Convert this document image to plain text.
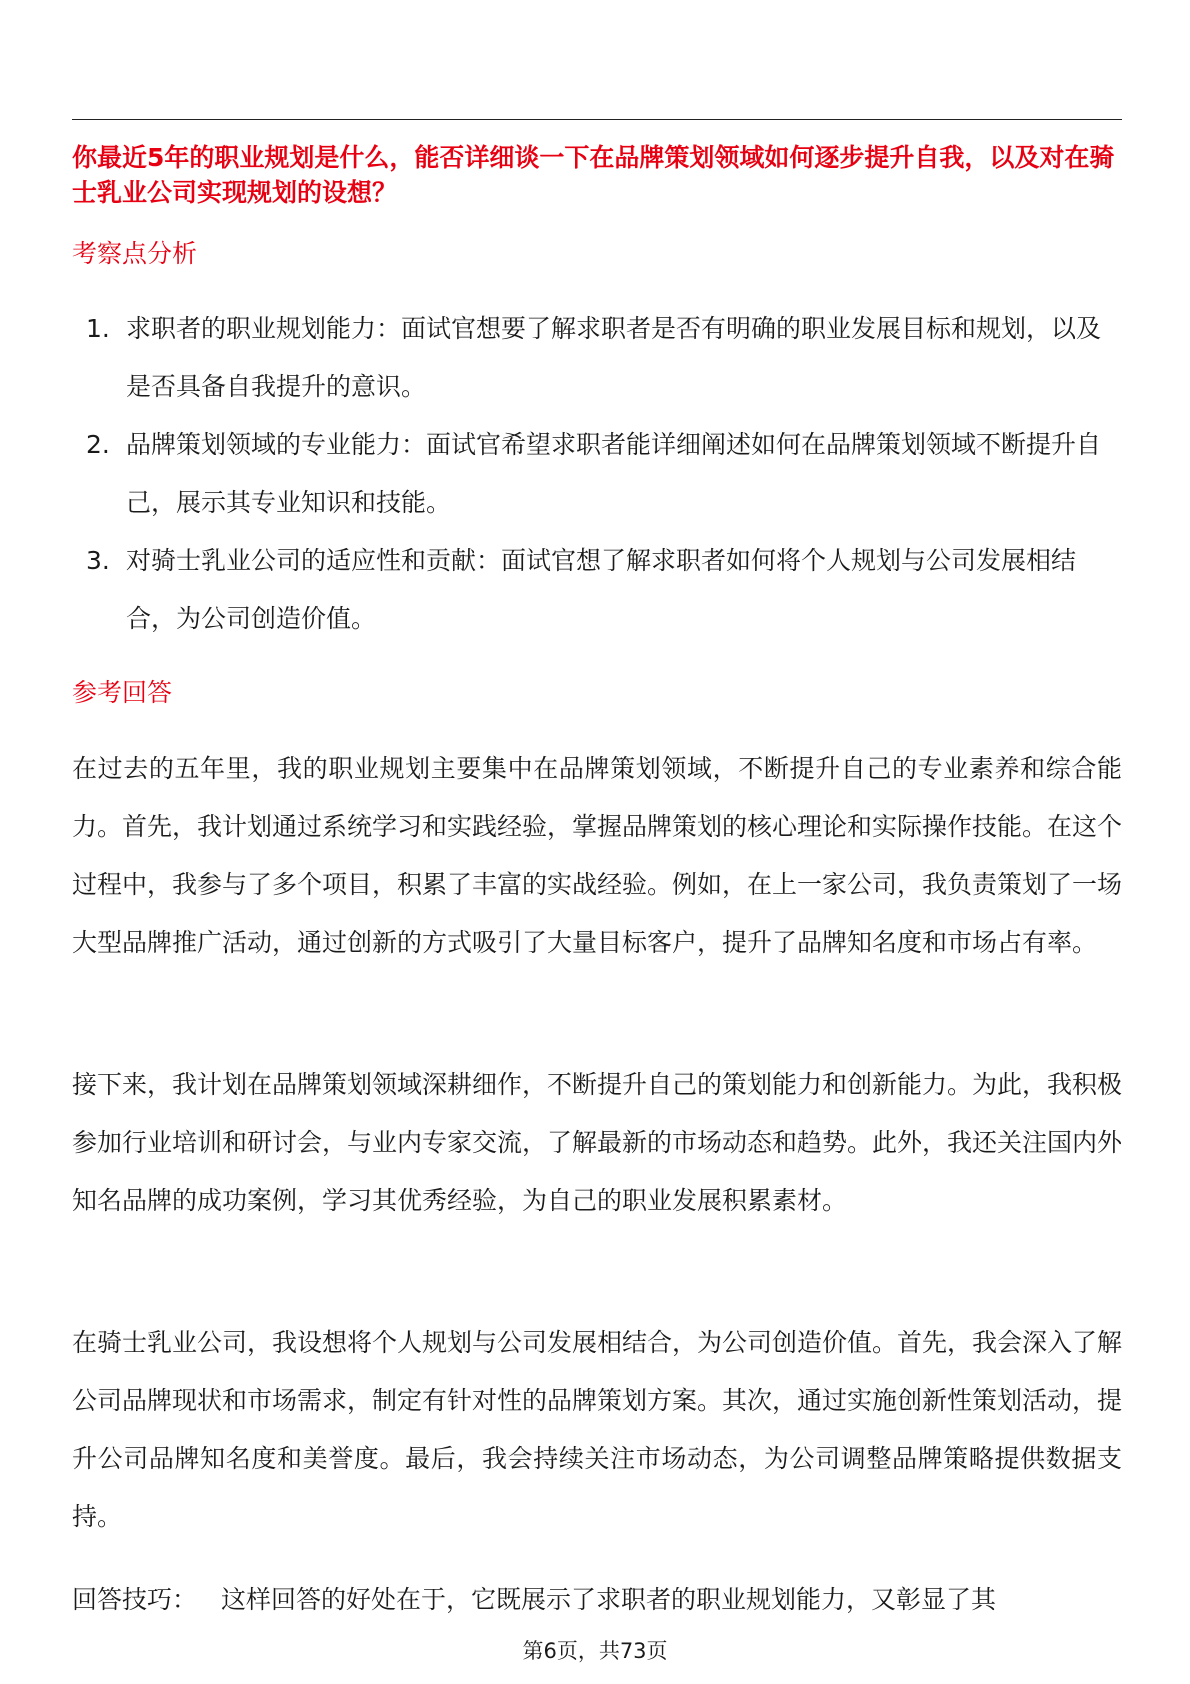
你最近5年的职业规划是什么，能否详细谈一下在品牌策划领域如何逐步提升自我，以及对在骑士乳业公司实现规划的设想？

考察点分析
1. 求职者的职业规划能力：面试官想要了解求职者是否有明确的职业发展目标和规划，以及是否具备自我提升的意识。
2. 品牌策划领域的专业能力：面试官希望求职者能详细阐述如何在品牌策划领域不断提升自己，展示其专业知识和技能。
3. 对骑士乳业公司的适应性和贡献：面试官想了解求职者如何将个人规划与公司发展相结合，为公司创造价值。
参考回答

在过去的五年里，我的职业规划主要集中在品牌策划领域，不断提升自己的专业素养和综合能力。首先，我计划通过系统学习和实践经验，掌握品牌策划的核心理论和实际操作技能。在这个过程中，我参与了多个项目，积累了丰富的实战经验。例如，在上一家公司，我负责策划了一场大型品牌推广活动，通过创新的方式吸引了大量目标客户，提升了品牌知名度和市场占有率。

接下来，我计划在品牌策划领域深耕细作，不断提升自己的策划能力和创新能力。为此，我积极参加行业培训和研讨会，与业内专家交流，了解最新的市场动态和趋势。此外，我还关注国内外知名品牌的成功案例，学习其优秀经验，为自己的职业发展积累素材。

在骑士乳业公司，我设想将个人规划与公司发展相结合，为公司创造价值。首先，我会深入了解公司品牌现状和市场需求，制定有针对性的品牌策划方案。其次，通过实施创新性策划活动，提升公司品牌知名度和美誉度。最后，我会持续关注市场动态，为公司调整品牌策略提供数据支持。

回答技巧： 这样回答的好处在于，它既展示了求职者的职业规划能力，又彰显了其

第6页，共73页
